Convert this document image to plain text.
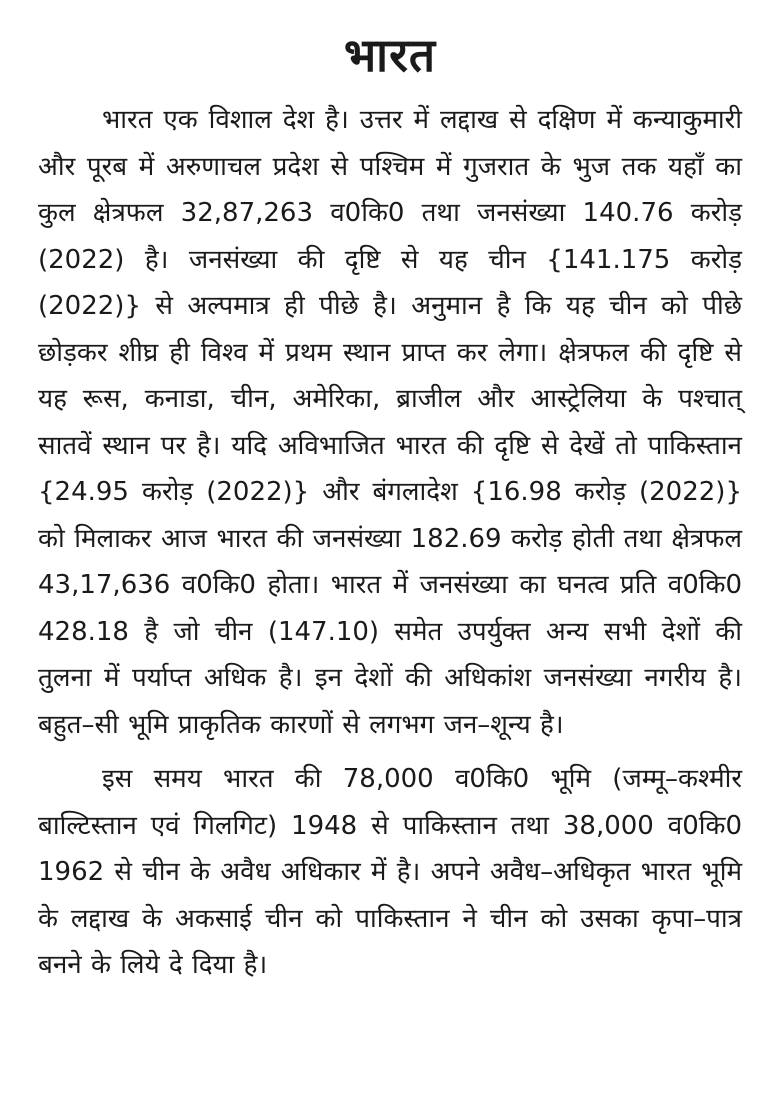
भारत

भारत एक विशाल देश है। उत्तर में लद्दाख से दक्षिण में कन्याकुमारी और पूरब में अरुणाचल प्रदेश से पश्चिम में गुजरात के भुज तक यहाँ का कुल क्षेत्रफल 32,87,263 व0कि0 तथा जनसंख्या 140.76 करोड़ (2022) है। जनसंख्या की दृष्टि से यह चीन {141.175 करोड़ (2022)} से अल्पमात्र ही पीछे है। अनुमान है कि यह चीन को पीछे छोड़कर शीघ्र ही विश्व में प्रथम स्थान प्राप्त कर लेगा। क्षेत्रफल की दृष्टि से यह रूस, कनाडा, चीन, अमेरिका, ब्राजील और आस्ट्रेलिया के पश्चात् सातवें स्थान पर है। यदि अविभाजित भारत की दृष्टि से देखें तो पाकिस्तान {24.95 करोड़ (2022)} और बंगलादेश {16.98 करोड़ (2022)} को मिलाकर आज भारत की जनसंख्या 182.69 करोड़ होती तथा क्षेत्रफल 43,17,636 व0कि0 होता। भारत में जनसंख्या का घनत्व प्रति व0कि0 428.18 है जो चीन (147.10) समेत उपर्युक्त अन्य सभी देशों की तुलना में पर्याप्त अधिक है। इन देशों की अधिकांश जनसंख्या नगरीय है। बहुत–सी भूमि प्राकृतिक कारणों से लगभग जन–शून्य है।

इस समय भारत की 78,000 व0कि0 भूमि (जम्मू–कश्मीर बाल्टिस्तान एवं गिलगिट) 1948 से पाकिस्तान तथा 38,000 व0कि0 1962 से चीन के अवैध अधिकार में है। अपने अवैध–अधिकृत भारत भूमि के लद्दाख के अकसाई चीन को पाकिस्तान ने चीन को उसका कृपा–पात्र बनने के लिये दे दिया है।
